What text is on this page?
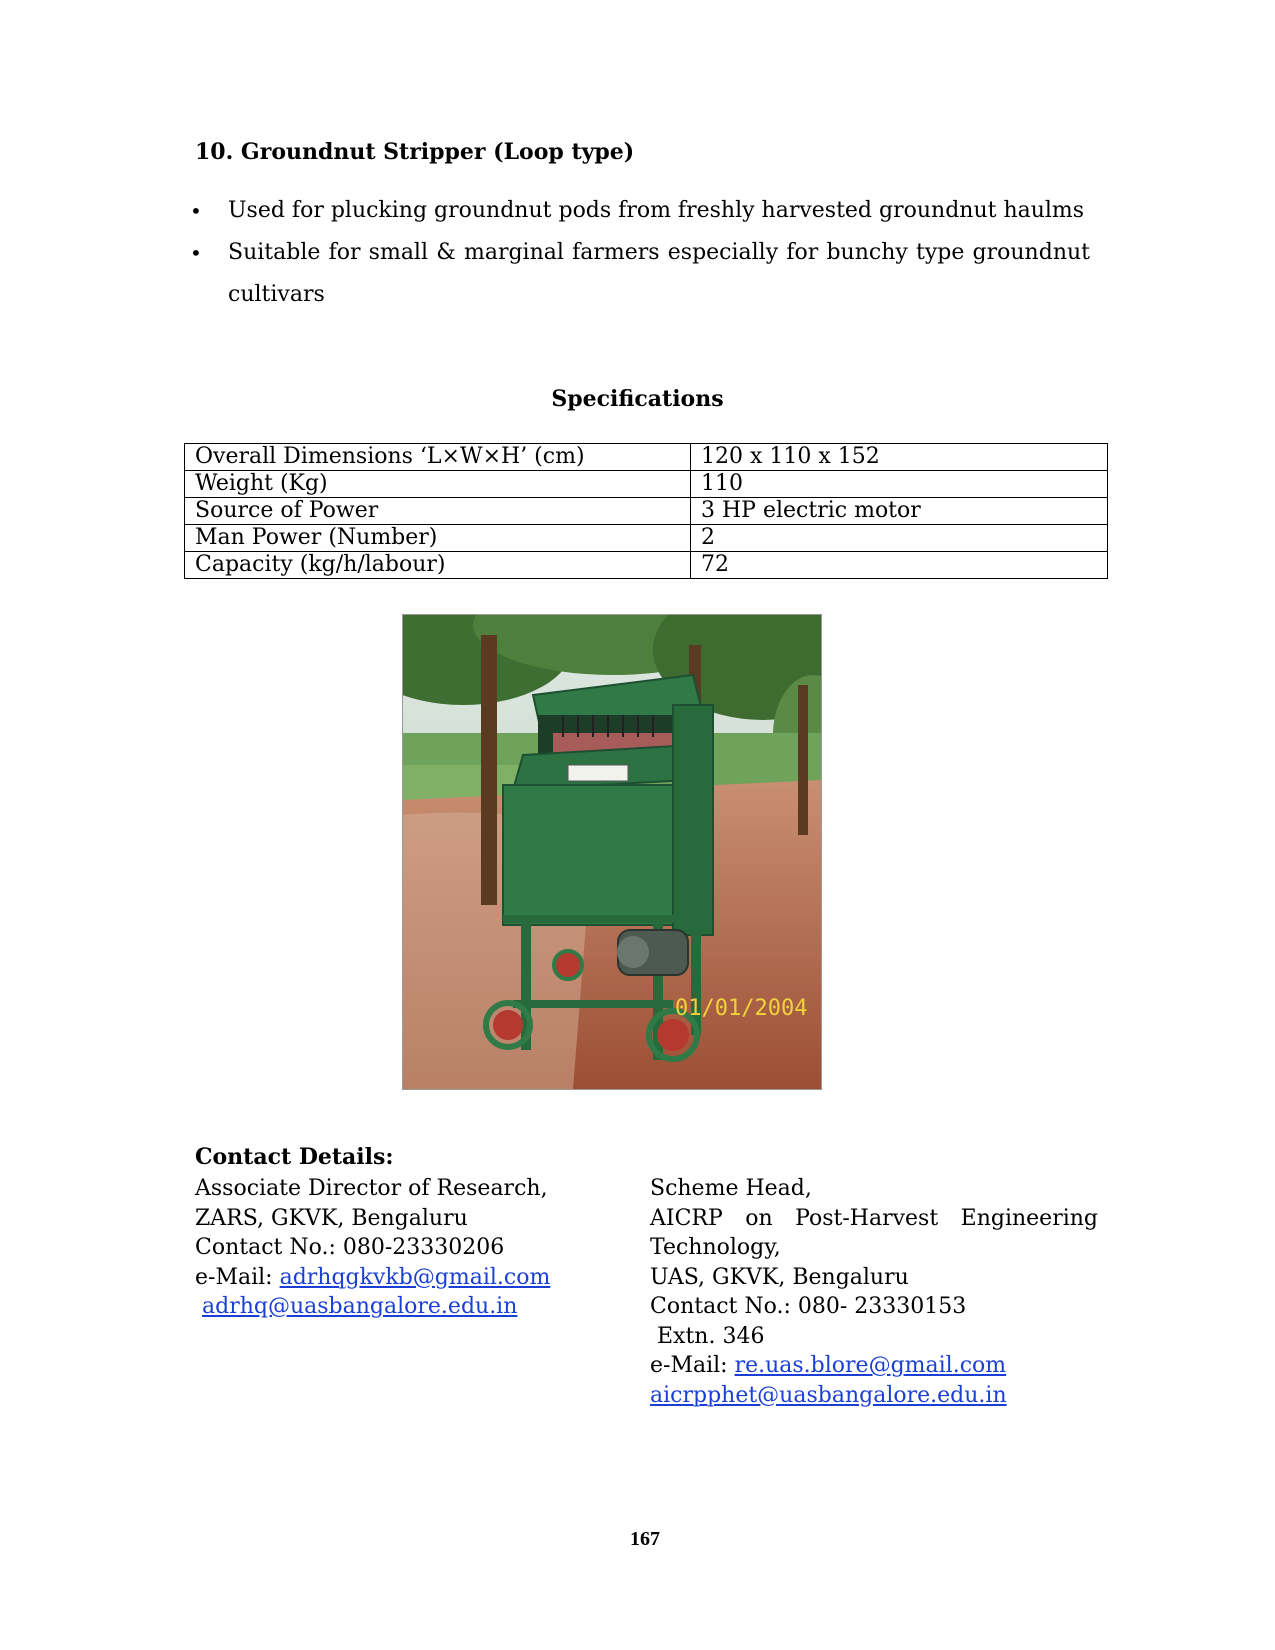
10. Groundnut Stripper (Loop type)
•	Used for plucking groundnut pods from freshly harvested groundnut haulms
•	Suitable for small & marginal farmers especially for bunchy type groundnut cultivars
Specifications
Overall Dimensions ‘L×W×H’ (cm)	120 x 110 x 152
Weight (Kg)	110
Source of Power	3 HP electric motor
Man Power (Number)	2
Capacity (kg/h/labour)	72
01/01/2004
Contact Details:
Associate Director of Research,
ZARS, GKVK, Bengaluru
Contact No.: 080-23330206
e-Mail: adrhqgkvkb@gmail.com
adrhq@uasbangalore.edu.in
Scheme Head,
AICRP on Post-Harvest Engineering
Technology,
UAS, GKVK, Bengaluru
Contact No.: 080- 23330153
Extn. 346
e-Mail: re.uas.blore@gmail.com
aicrpphet@uasbangalore.edu.in
167
